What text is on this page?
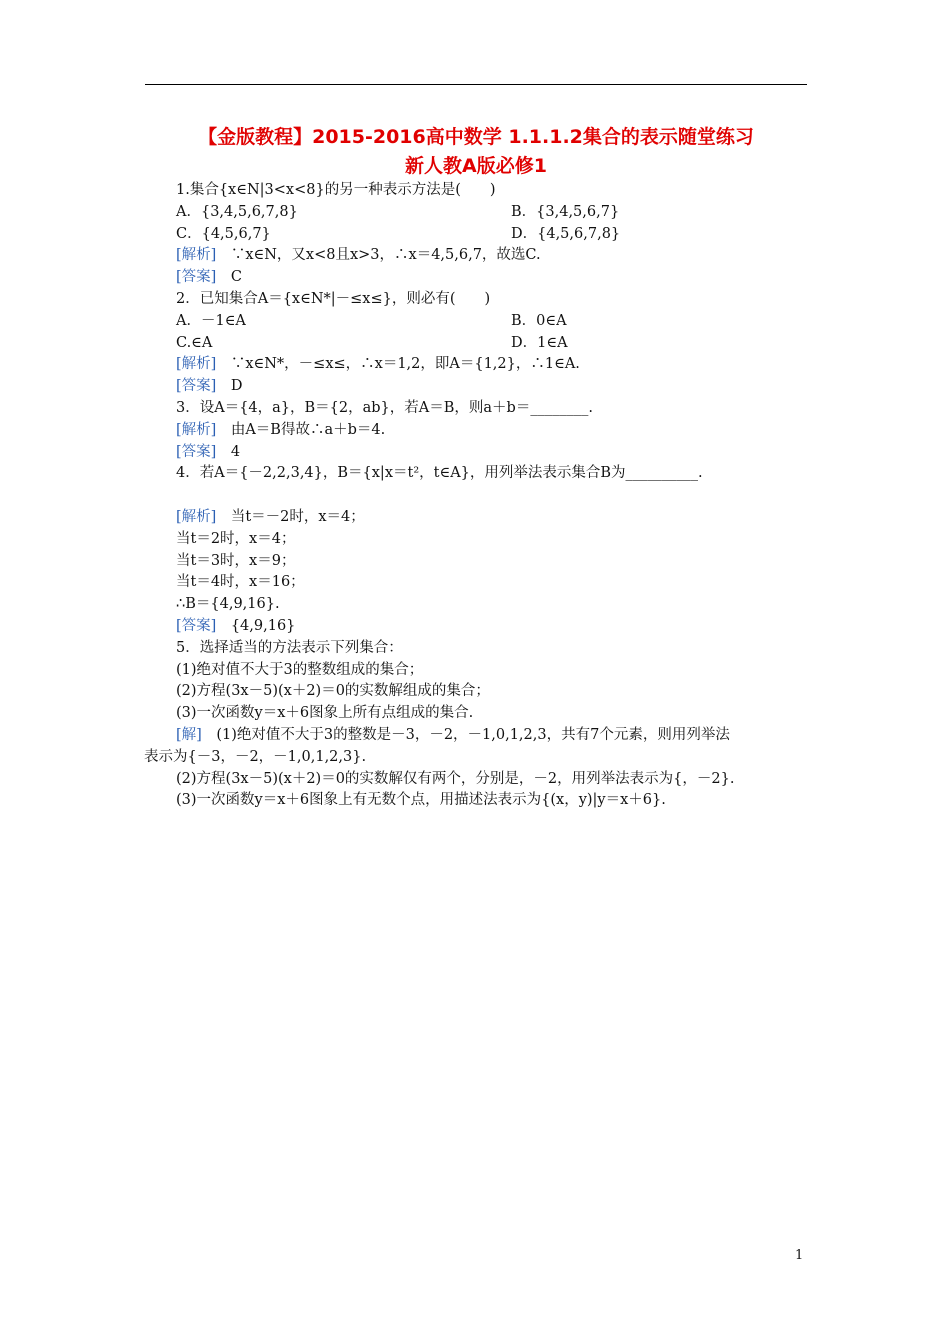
【金版教程】2015-2016高中数学 1.1.1.2集合的表示随堂练习
新人教A版必修1
1.集合{x∈N|3<x<8}的另一种表示方法是(　　)
A．{3,4,5,6,7,8}	B．{3,4,5,6,7}
C．{4,5,6,7}	D．{4,5,6,7,8}
[解析]　∵x∈N，又x<8且x>3，∴x＝4,5,6,7，故选C.
[答案]　C
2．已知集合A＝{x∈N*|－≤x≤}，则必有(　　)
A．－1∈A	B．0∈A
C.∈A	D．1∈A
[解析]　∵x∈N*，－≤x≤，∴x＝1,2，即A＝{1,2}，∴1∈A.
[答案]　D
3．设A＝{4，a}，B＝{2，ab}，若A＝B，则a＋b＝________.
[解析]　由A＝B得故∴a＋b＝4.
[答案]　4
4．若A＝{－2,2,3,4}，B＝{x|x＝t²，t∈A}，用列举法表示集合B为__________.
[解析]　当t＝－2时，x＝4；
当t＝2时，x＝4；
当t＝3时，x＝9；
当t＝4时，x＝16；
∴B＝{4,9,16}.
[答案]　{4,9,16}
5．选择适当的方法表示下列集合：
(1)绝对值不大于3的整数组成的集合；
(2)方程(3x－5)(x＋2)＝0的实数解组成的集合；
(3)一次函数y＝x＋6图象上所有点组成的集合.
[解]　(1)绝对值不大于3的整数是－3，－2，－1,0,1,2,3，共有7个元素，则用列举法
表示为{－3，－2，－1,0,1,2,3}.
(2)方程(3x－5)(x＋2)＝0的实数解仅有两个，分别是，－2，用列举法表示为{，－2}.
(3)一次函数y＝x＋6图象上有无数个点，用描述法表示为{(x，y)|y＝x＋6}.
1
